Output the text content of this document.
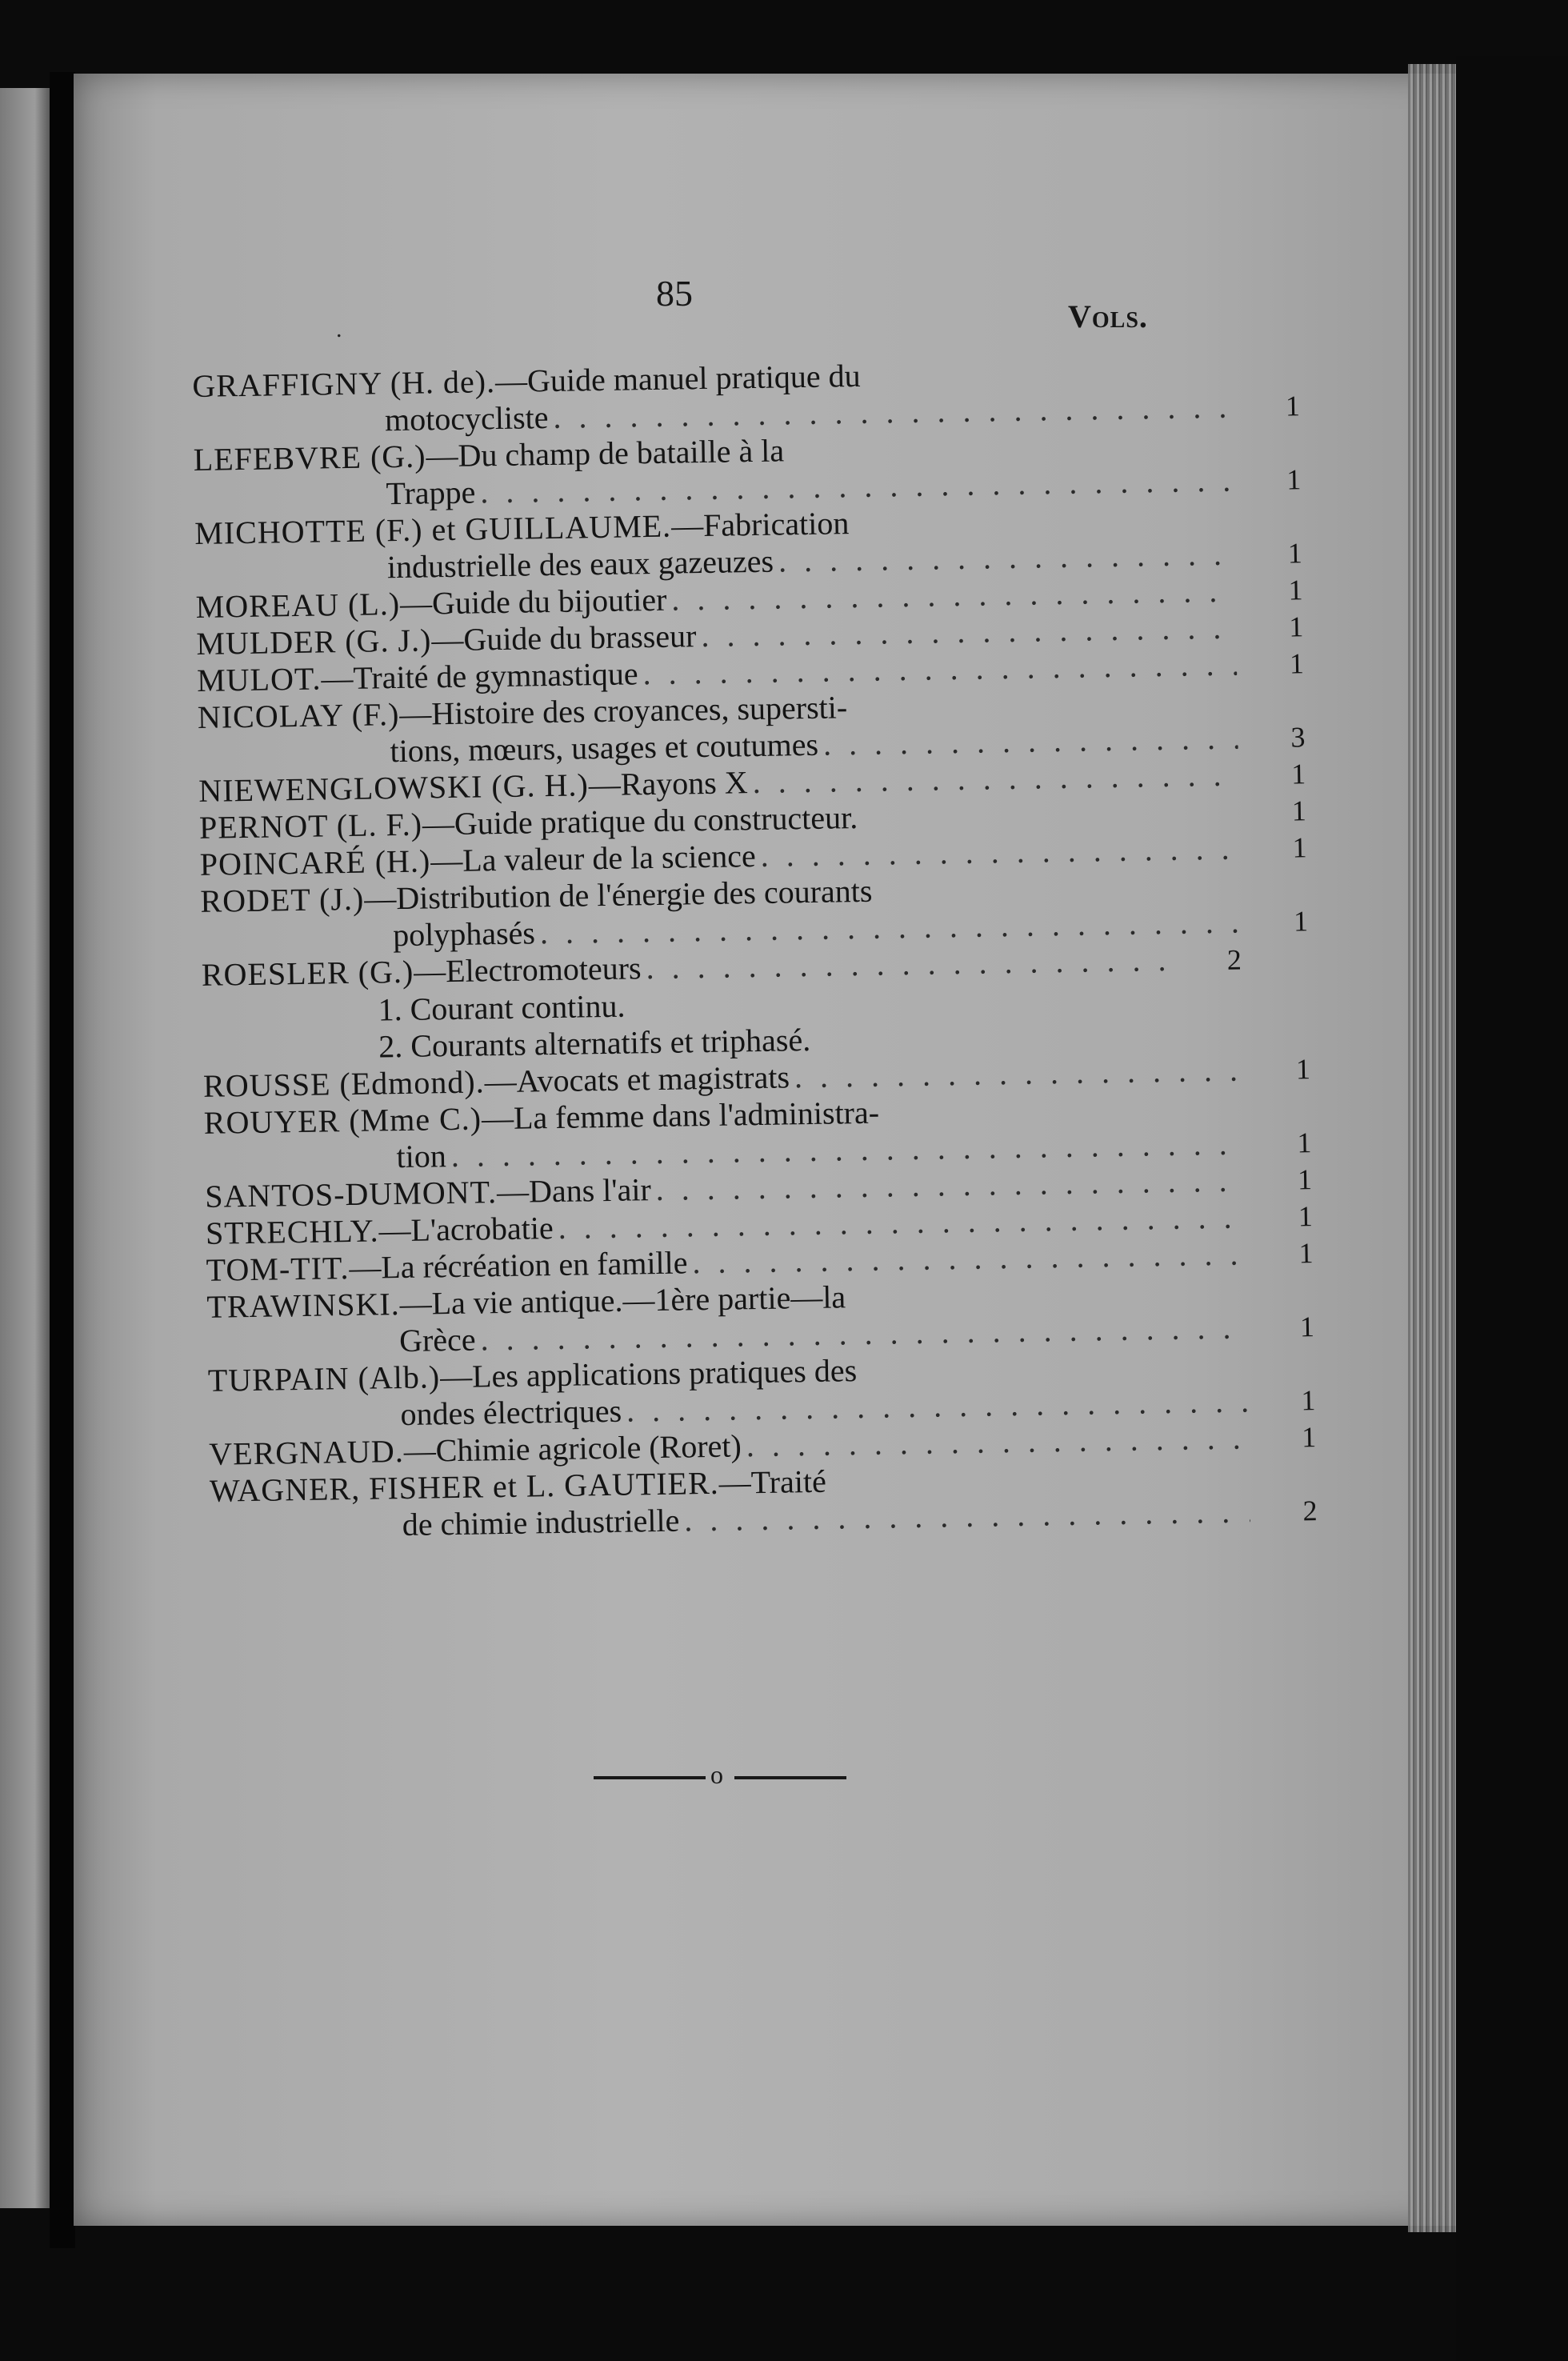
85
.	Vols.
GRAFFIGNY (H. de). —Guide manuel pratique du
motocycliste . . .	1
LEFEBVRE (G.) —Du champ de bataille à la
Trappe . . .	1
MICHOTTE (F.) et GUILLAUME. —Fabrication
industrielle des eaux gazeuzes . . .	1
MOREAU (L.) —Guide du bijoutier . . .	1
MULDER (G. J.) —Guide du brasseur . . .	1
MULOT. —Traité de gymnastique . . .	1
NICOLAY (F.) —Histoire des croyances, supersti-
tions, mœurs, usages et coutumes . . .	3
NIEWENGLOWSKI (G. H.) —Rayons X . . .	1
PERNOT (L. F.) —Guide pratique du constructeur.	1
POINCARÉ (H.) —La valeur de la science . . .	1
RODET (J.) —Distribution de l'énergie des courants
polyphasés . . .	1
ROESLER (G.) —Electromoteurs . . .	2
1. Courant continu.
2. Courants alternatifs et triphasé.
ROUSSE (Edmond). —Avocats et magistrats . . .	1
ROUYER (Mme C.) —La femme dans l'administra-
tion . . .	1
SANTOS-DUMONT. —Dans l'air . . .	1
STRECHLY. —L'acrobatie . . .	1
TOM-TIT. —La récréation en famille . . .	1
TRAWINSKI. —La vie antique.—1ère partie—la
Grèce . . .	1
TURPAIN (Alb.) —Les applications pratiques des
ondes électriques . . .	1
VERGNAUD. —Chimie agricole (Roret) . . .	1
WAGNER, FISHER et L. GAUTIER. —Traité
de chimie industrielle . . .	2
o
